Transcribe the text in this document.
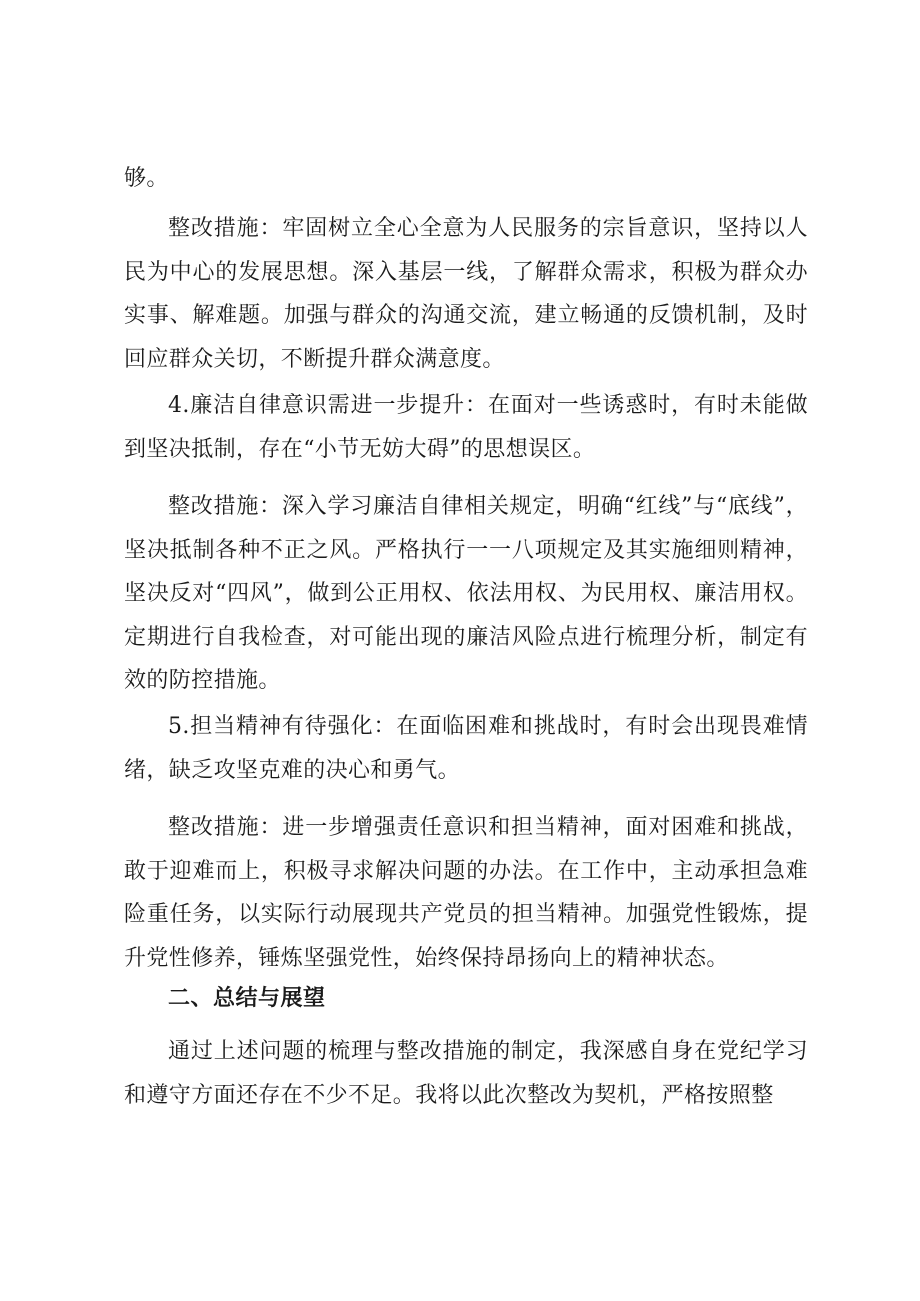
够。

整改措施：牢固树立全心全意为人民服务的宗旨意识，坚持以人民为中心的发展思想。深入基层一线，了解群众需求，积极为群众办实事、解难题。加强与群众的沟通交流，建立畅通的反馈机制，及时回应群众关切，不断提升群众满意度。

4.廉洁自律意识需进一步提升：在面对一些诱惑时，有时未能做到坚决抵制，存在“小节无妨大碍”的思想误区。

整改措施：深入学习廉洁自律相关规定，明确“红线”与“底线”，坚决抵制各种不正之风。严格执行一一八项规定及其实施细则精神，坚决反对“四风”，做到公正用权、依法用权、为民用权、廉洁用权。定期进行自我检查，对可能出现的廉洁风险点进行梳理分析，制定有效的防控措施。

5.担当精神有待强化：在面临困难和挑战时，有时会出现畏难情绪，缺乏攻坚克难的决心和勇气。

整改措施：进一步增强责任意识和担当精神，面对困难和挑战，敢于迎难而上，积极寻求解决问题的办法。在工作中，主动承担急难险重任务，以实际行动展现共产党员的担当精神。加强党性锻炼，提升党性修养，锤炼坚强党性，始终保持昂扬向上的精神状态。

二、总结与展望

通过上述问题的梳理与整改措施的制定，我深感自身在党纪学习和遵守方面还存在不少不足。我将以此次整改为契机，严格按照整
